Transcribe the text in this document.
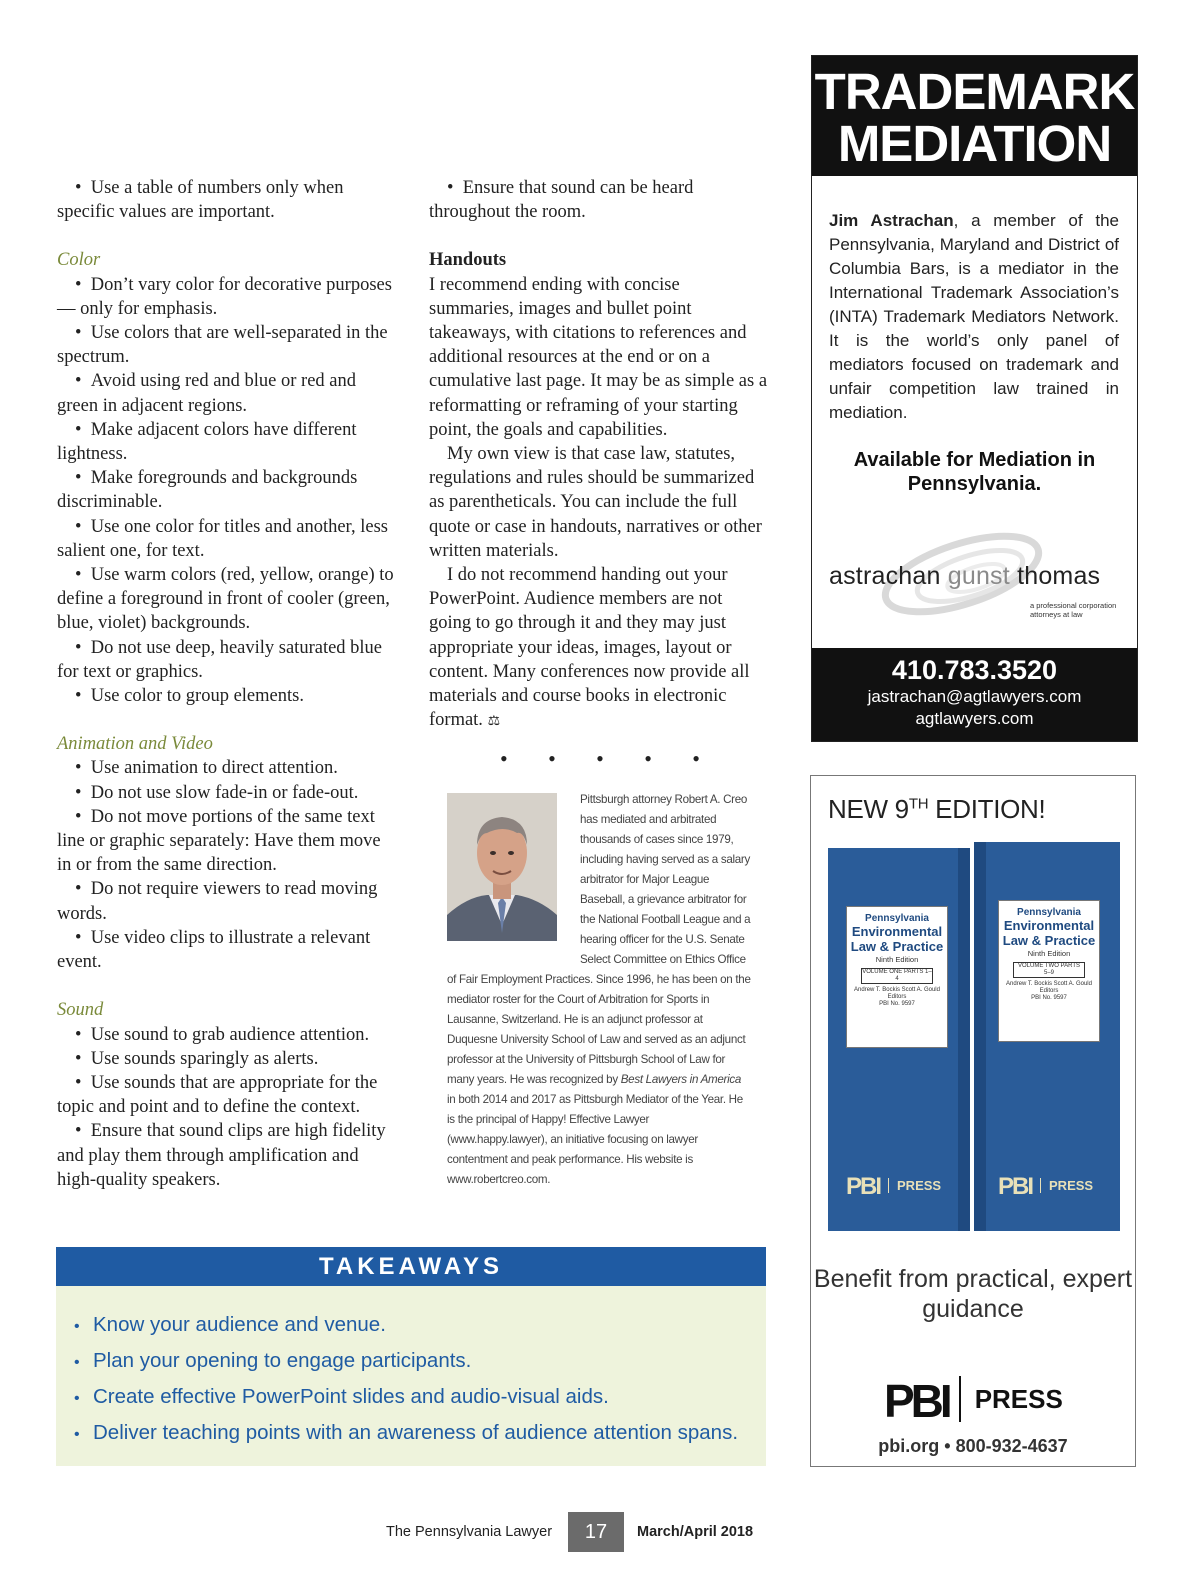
•  Use a table of numbers only when specific values are important.

Color

•  Don’t vary color for decorative purposes — only for emphasis.

•  Use colors that are well-separated in the spectrum.

•  Avoid using red and blue or red and green in adjacent regions.

•  Make adjacent colors have different lightness.

•  Make foregrounds and backgrounds discriminable.

•  Use one color for titles and another, less salient one, for text.

•  Use warm colors (red, yellow, orange) to define a foreground in front of cooler (green, blue, violet) backgrounds.

•  Do not use deep, heavily saturated blue for text or graphics.

•  Use color to group elements.

Animation and Video

•  Use animation to direct attention.

•  Do not use slow fade-in or fade-out.

•  Do not move portions of the same text line or graphic separately: Have them move in or from the same direction.

•  Do not require viewers to read moving words.

•  Use video clips to illustrate a relevant event.

Sound

•  Use sound to grab audience attention.

•  Use sounds sparingly as alerts.

•  Use sounds that are appropriate for the topic and point and to define the context.

•  Ensure that sound clips are high fidelity and play them through amplification and high-quality speakers.

•  Ensure that sound can be heard throughout the room.

Handouts

I recommend ending with concise summaries, images and bullet point takeaways, with citations to references and additional resources at the end or on a cumulative last page. It may be as simple as a reformatting or reframing of your starting point, the goals and capabilities.

My own view is that case law, statutes, regulations and rules should be summarized as parentheticals. You can include the full quote or case in handouts, narratives or other written materials.

I do not recommend handing out your PowerPoint. Audience members are not going to go through it and they may just appropriate your ideas, images, layout or content. Many conferences now provide all materials and course books in electronic format. ⚖

• • • • •
Pittsburgh attorney Robert A. Creo has mediated and arbitrated thousands of cases since 1979, including having served as a salary arbitrator for Major League Baseball, a grievance arbitrator for the National Football League and a hearing officer for the U.S. Senate Select Committee on Ethics Office of Fair Employment Practices. Since 1996, he has been on the mediator roster for the Court of Arbitration for Sports in Lausanne, Switzerland. He is an adjunct professor at Duquesne University School of Law and served as an adjunct professor at the University of Pittsburgh School of Law for many years. He was recognized by Best Lawyers in America in both 2014 and 2017 as Pittsburgh Mediator of the Year. He is the principal of Happy! Effective Lawyer (www.happy.lawyer), an initiative focusing on lawyer contentment and peak performance. His website is www.robertcreo.com.
TAKEAWAYS
• Know your audience and venue.
• Plan your opening to engage participants.
• Create effective PowerPoint slides and audio-visual aids.
• Deliver teaching points with an awareness of audience attention spans.
The Pennsylvania Lawyer	17	March/April 2018
TRADEMARK
MEDIATION
Jim Astrachan, a member of the Pennsylvania, Maryland and District of Columbia Bars, is a mediator in the International Trademark Association’s (INTA) Trademark Mediators Network. It is the world’s only panel of mediators focused on trademark and unfair competition law trained in mediation.
Available for Mediation in Pennsylvania.
astrachan gunst thomas
a professional corporation
attorneys at law
410.783.3520
jastrachan@agtlawyers.com
agtlawyers.com
NEW 9TH EDITION!
Pennsylvania
Environmental Law & Practice
Ninth Edition
VOLUME ONE PARTS 1–4
Andrew T. Bockis Scott A. Gould
Editors
PBI No. 9597
PBI $^{PRESS}$
Pennsylvania
Environmental Law & Practice
Ninth Edition
VOLUME TWO PARTS 5–9
Andrew T. Bockis Scott A. Gould
Editors
PBI No. 9597
PBI $^{PRESS}$
Benefit from practical, expert guidance
PBI PRESS
pbi.org • 800-932-4637
